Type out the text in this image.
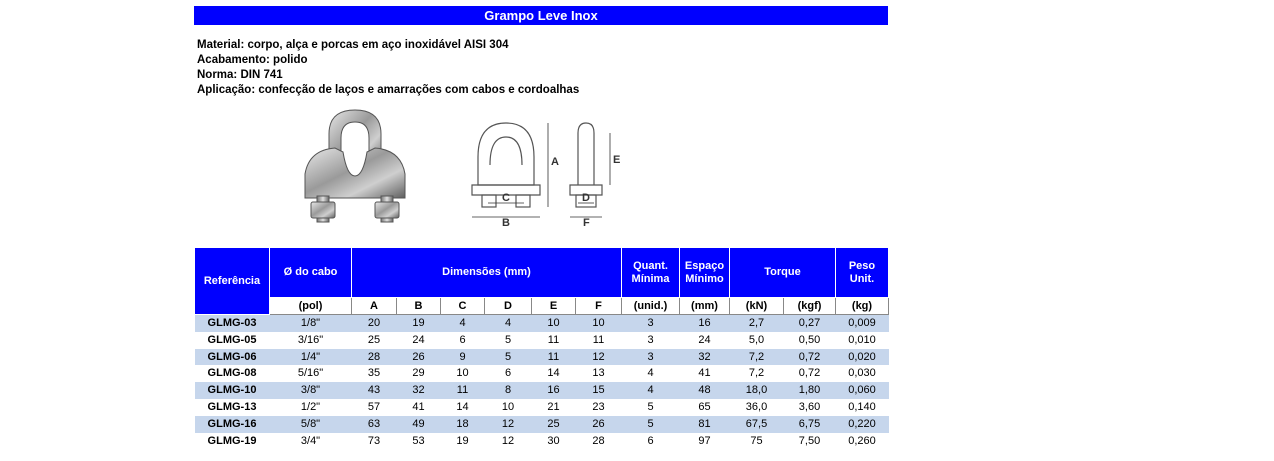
Grampo Leve Inox
Material: corpo, alça e porcas em aço inoxidável AISI 304
Acabamento: polido
Norma: DIN 741
Aplicação: confecção de laços e amarrações com cabos e cordoalhas
A
B
C	D
E
F
Referência	Ø do cabo	Dimensões (mm)						Quant. Mínima	Espaço Mínimo	Torque		Peso Unit.
	(pol)	A	B	C	D	E	F	(unid.)	(mm)	(kN)	(kgf)	(kg)
GLMG-03	1/8"	20	19	4	4	10	10	3	16	2,7	0,27	0,009
GLMG-05	3/16"	25	24	6	5	11	11	3	24	5,0	0,50	0,010
GLMG-06	1/4"	28	26	9	5	11	12	3	32	7,2	0,72	0,020
GLMG-08	5/16"	35	29	10	6	14	13	4	41	7,2	0,72	0,030
GLMG-10	3/8"	43	32	11	8	16	15	4	48	18,0	1,80	0,060
GLMG-13	1/2"	57	41	14	10	21	23	5	65	36,0	3,60	0,140
GLMG-16	5/8"	63	49	18	12	25	26	5	81	67,5	6,75	0,220
GLMG-19	3/4"	73	53	19	12	30	28	6	97	75	7,50	0,260
